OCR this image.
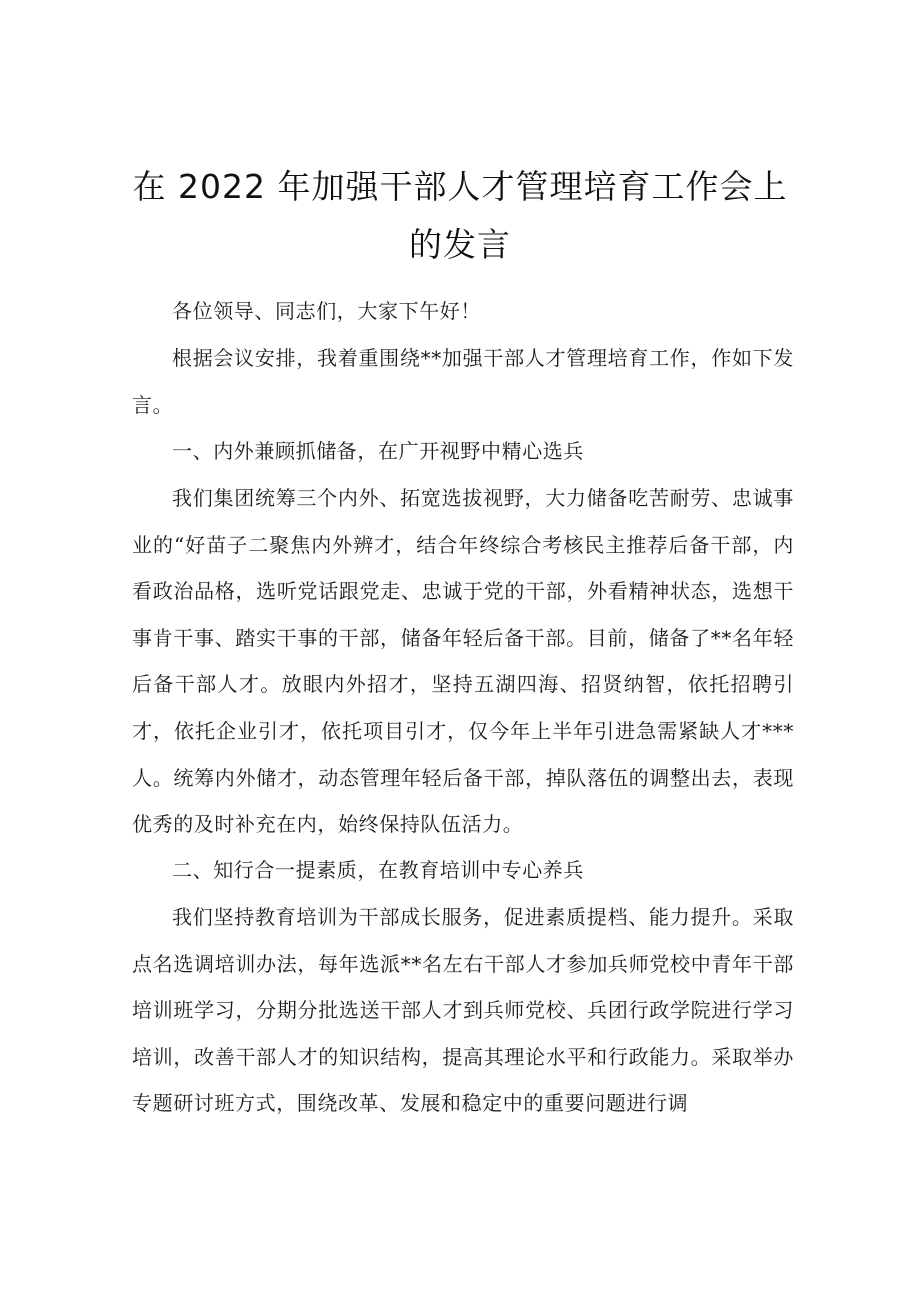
在 2022 年加强干部人才管理培育工作会上
的发言
各位领导、同志们，大家下午好！
根据会议安排，我着重围绕**加强干部人才管理培育工作，作如下发言。
一、内外兼顾抓储备，在广开视野中精心选兵
我们集团统筹三个内外、拓宽选拔视野，大力储备吃苦耐劳、忠诚事业的“好苗子二聚焦内外辨才，结合年终综合考核民主推荐后备干部，内看政治品格，选听党话跟党走、忠诚于党的干部，外看精神状态，选想干事肯干事、踏实干事的干部，储备年轻后备干部。目前，储备了**名年轻后备干部人才。放眼内外招才，坚持五湖四海、招贤纳智，依托招聘引才，依托企业引才，依托项目引才，仅今年上半年引进急需紧缺人才***人。统筹内外储才，动态管理年轻后备干部，掉队落伍的调整出去，表现优秀的及时补充在内，始终保持队伍活力。
二、知行合一提素质，在教育培训中专心养兵
我们坚持教育培训为干部成长服务，促进素质提档、能力提升。采取点名选调培训办法，每年选派**名左右干部人才参加兵师党校中青年干部培训班学习，分期分批选送干部人才到兵师党校、兵团行政学院进行学习培训，改善干部人才的知识结构，提高其理论水平和行政能力。采取举办专题研讨班方式，围绕改革、发展和稳定中的重要问题进行调
